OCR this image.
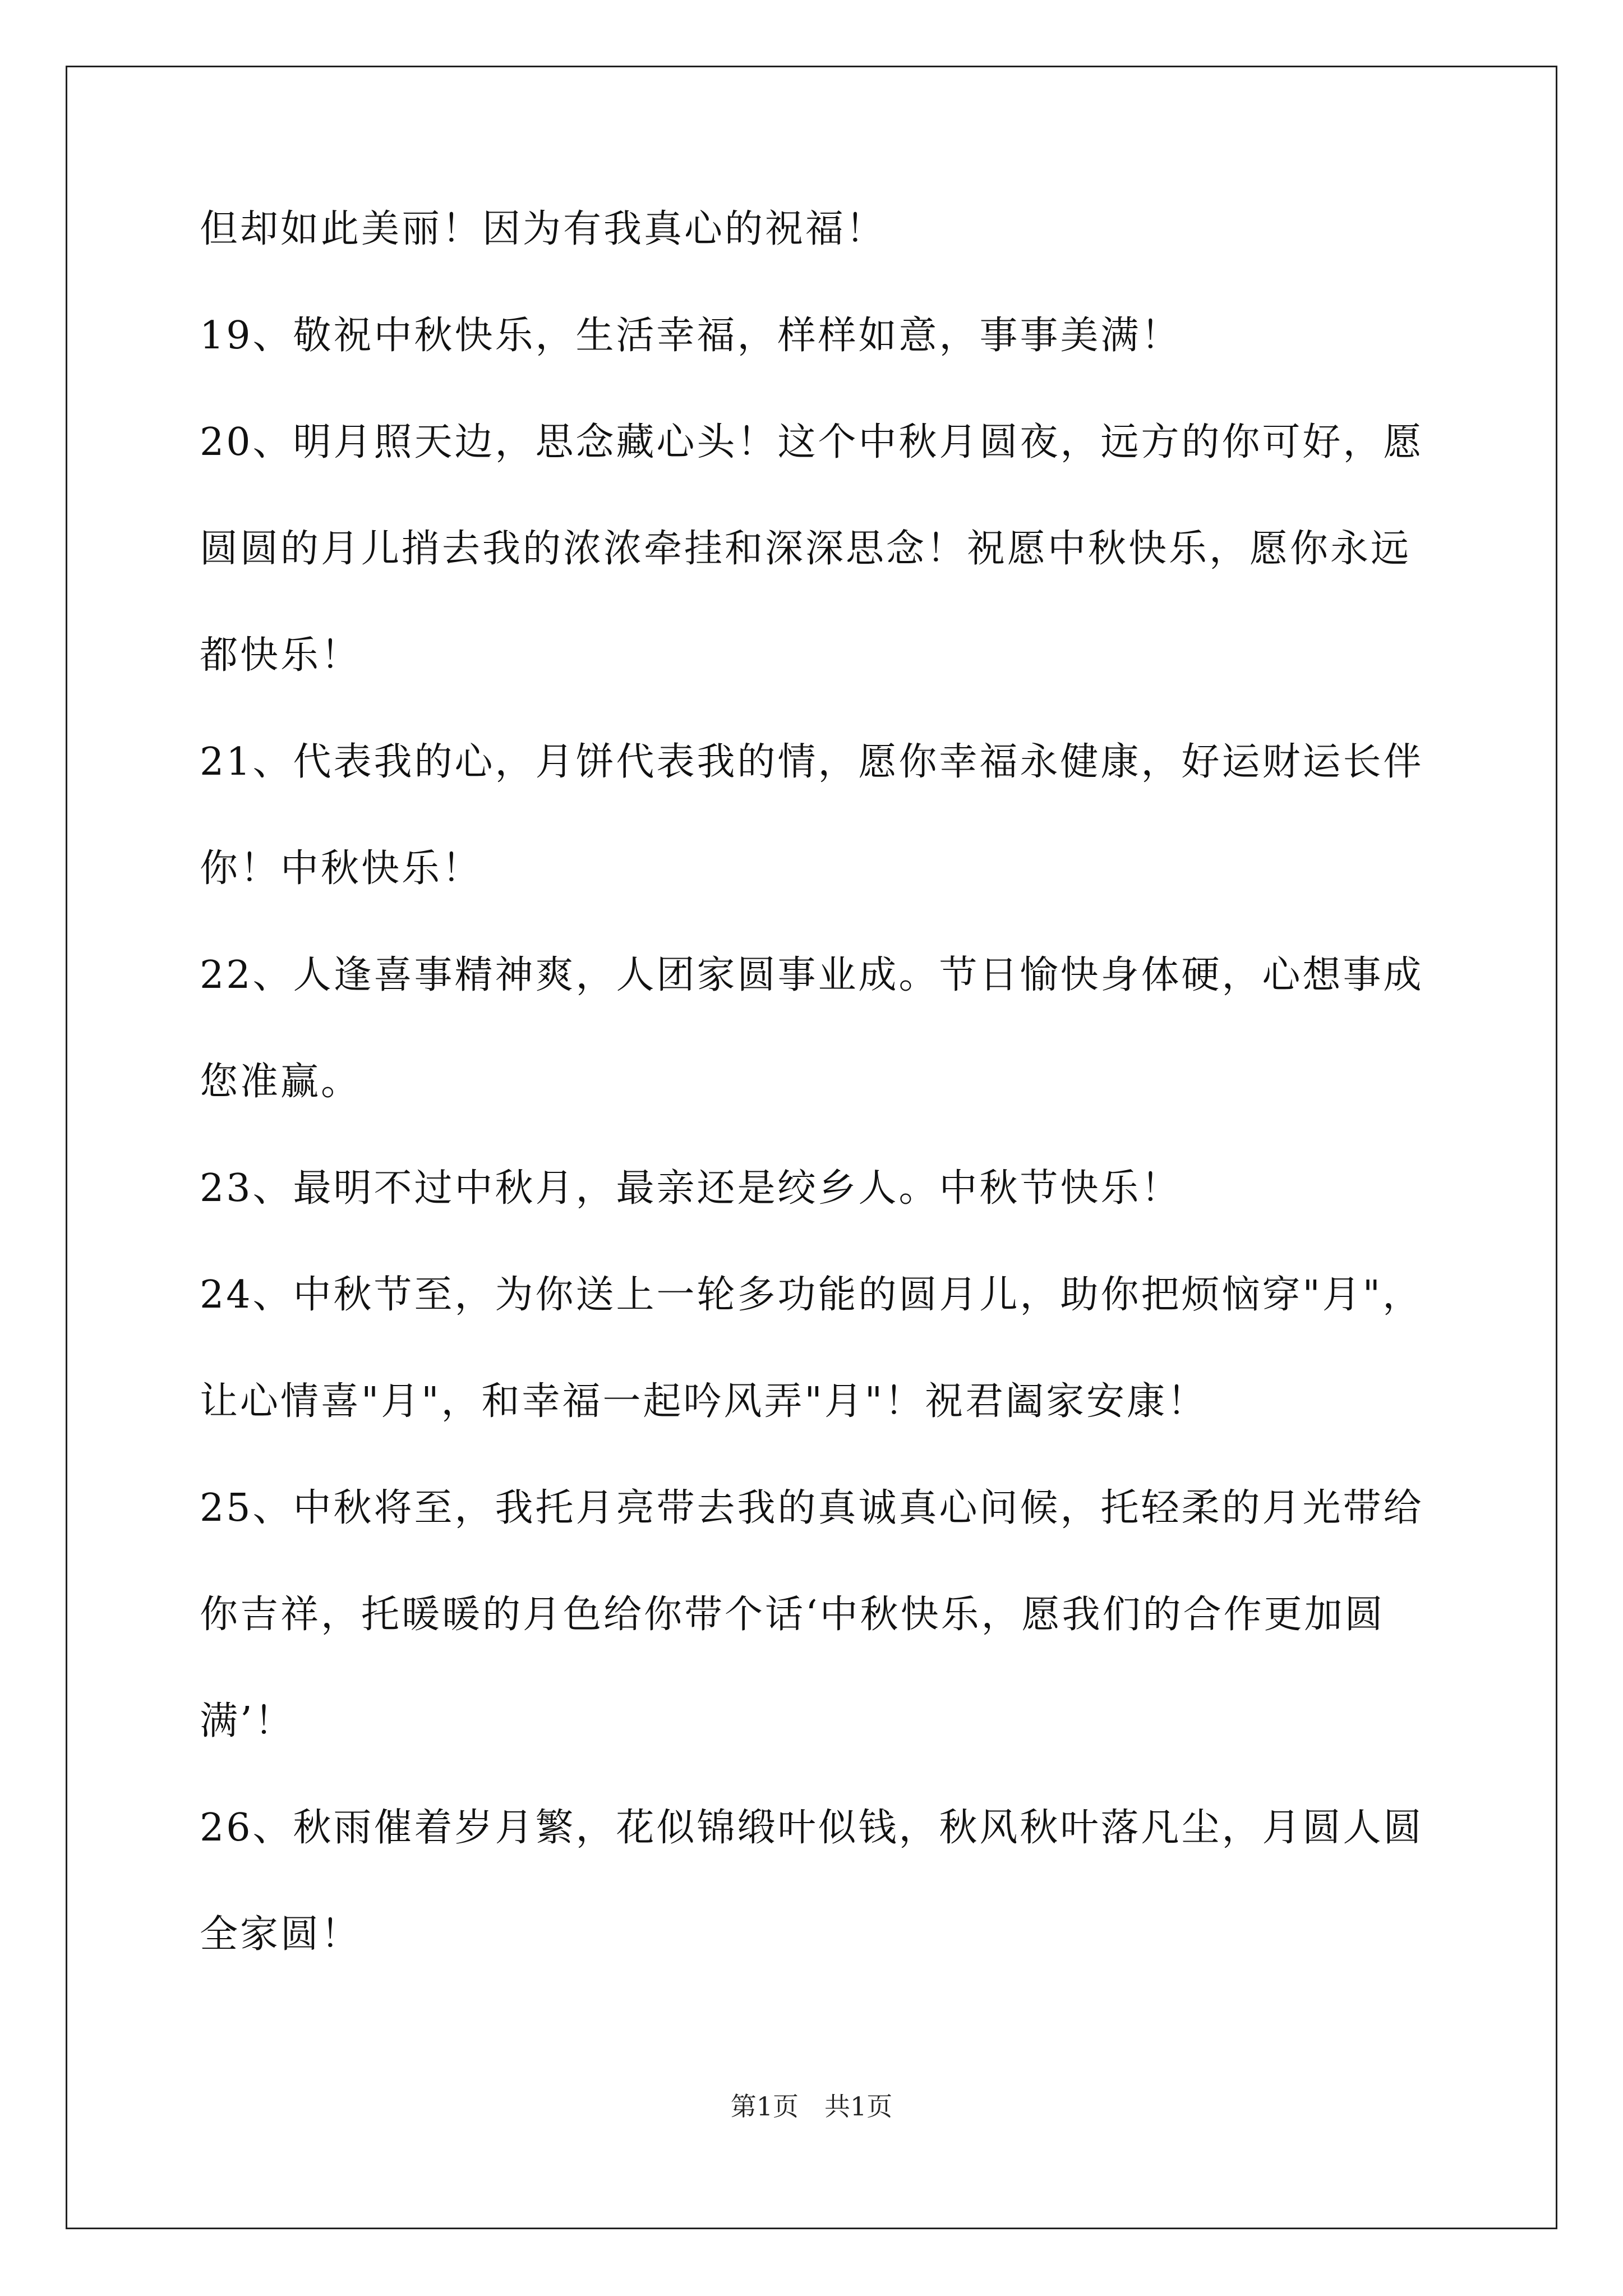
但却如此美丽！因为有我真心的祝福！

19、敬祝中秋快乐，生活幸福，样样如意，事事美满！

20、明月照天边，思念藏心头！这个中秋月圆夜，远方的你可好，愿

圆圆的月儿捎去我的浓浓牵挂和深深思念！祝愿中秋快乐，愿你永远

都快乐！

21、代表我的心，月饼代表我的情，愿你幸福永健康，好运财运长伴

你！中秋快乐！

22、人逢喜事精神爽，人团家圆事业成。节日愉快身体硬，心想事成

您准赢。

23、最明不过中秋月，最亲还是绞乡人。中秋节快乐！

24、中秋节至，为你送上一轮多功能的圆月儿，助你把烦恼穿"月"，

让心情喜"月"，和幸福一起吟风弄"月"！祝君阖家安康！

25、中秋将至，我托月亮带去我的真诚真心问候，托轻柔的月光带给

你吉祥，托暖暖的月色给你带个话‘中秋快乐，愿我们的合作更加圆

满’！

26、秋雨催着岁月繁，花似锦缎叶似钱，秋风秋叶落凡尘，月圆人圆

全家圆！

第1页　共1页
